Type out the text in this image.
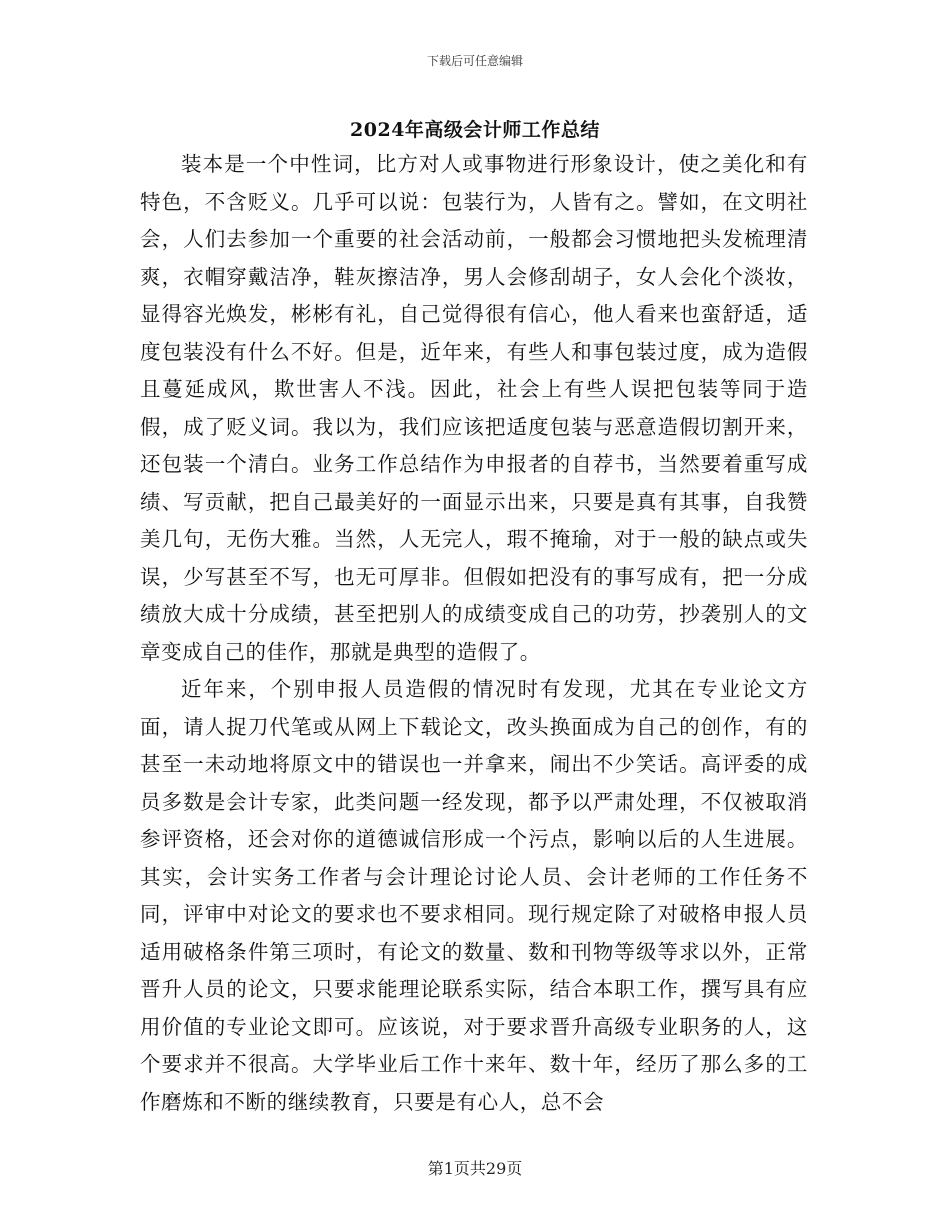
下载后可任意编辑
2024年高级会计师工作总结

装本是一个中性词，比方对人或事物进行形象设计，使之美化和有特色，不含贬义。几乎可以说：包装行为，人皆有之。譬如，在文明社会，人们去参加一个重要的社会活动前，一般都会习惯地把头发梳理清爽，衣帽穿戴洁净，鞋灰擦洁净，男人会修刮胡子，女人会化个淡妆，显得容光焕发，彬彬有礼，自己觉得很有信心，他人看来也蛮舒适，适度包装没有什么不好。但是，近年来，有些人和事包装过度，成为造假且蔓延成风，欺世害人不浅。因此，社会上有些人误把包装等同于造假，成了贬义词。我以为，我们应该把适度包装与恶意造假切割开来，还包装一个清白。业务工作总结作为申报者的自荐书，当然要着重写成绩、写贡献，把自己最美好的一面显示出来，只要是真有其事，自我赞美几句，无伤大雅。当然，人无完人，瑕不掩瑜，对于一般的缺点或失误，少写甚至不写，也无可厚非。但假如把没有的事写成有，把一分成绩放大成十分成绩，甚至把别人的成绩变成自己的功劳，抄袭别人的文章变成自己的佳作，那就是典型的造假了。

近年来，个别申报人员造假的情况时有发现，尤其在专业论文方面，请人捉刀代笔或从网上下载论文，改头换面成为自己的创作，有的甚至一未动地将原文中的错误也一并拿来，闹出不少笑话。高评委的成员多数是会计专家，此类问题一经发现，都予以严肃处理，不仅被取消参评资格，还会对你的道德诚信形成一个污点，影响以后的人生进展。其实，会计实务工作者与会计理论讨论人员、会计老师的工作任务不同，评审中对论文的要求也不要求相同。现行规定除了对破格申报人员适用破格条件第三项时，有论文的数量、数和刊物等级等求以外，正常晋升人员的论文，只要求能理论联系实际，结合本职工作，撰写具有应用价值的专业论文即可。应该说，对于要求晋升高级专业职务的人，这个要求并不很高。大学毕业后工作十来年、数十年，经历了那么多的工作磨炼和不断的继续教育，只要是有心人，总不会

第1页共29页
